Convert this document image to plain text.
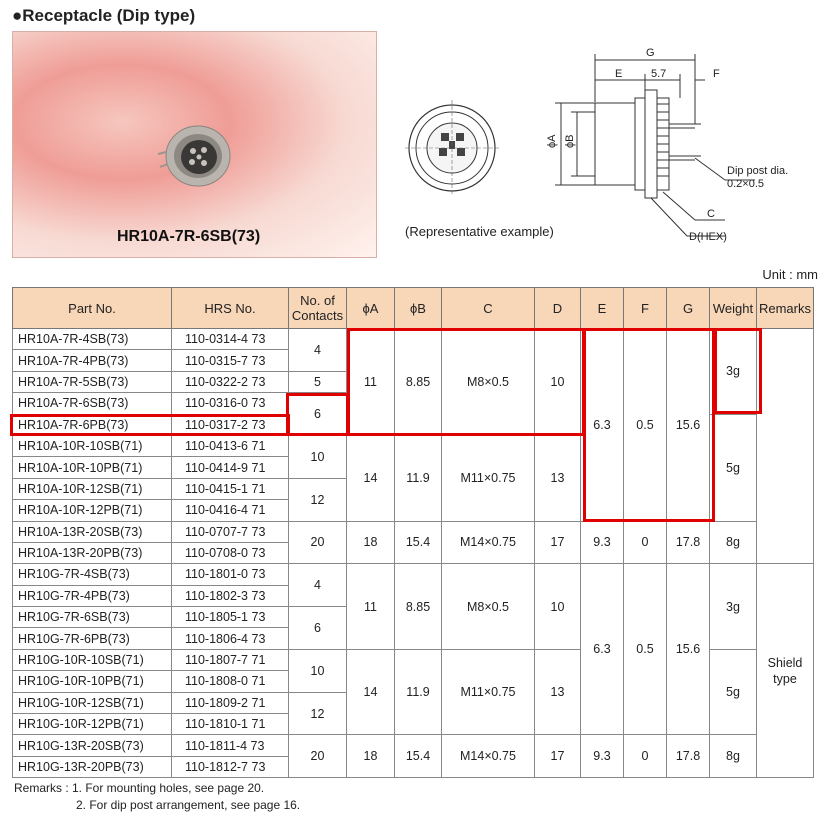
●Receptacle (Dip type)
HR10A-7R-6SB(73)
G
E	5.7	F
ϕA ϕB
Dip post dia.
0.2×0.5
C
D(HEX)
(Representative example)
Unit : mm
Part No.	HRS No.	No. of
Contacts	ϕA	ϕB	C	D	E	F	G	Weight	Remarks
HR10A-7R-4SB(73)	110-0314-4 73	4	11	8.85	M8×0.5	10	6.3	0.5	15.6	3g	
HR10A-7R-4PB(73)	110-0315-7 73										
HR10A-7R-5SB(73)	110-0322-2 73	5									
HR10A-7R-6SB(73)	110-0316-0 73	6									
HR10A-7R-6PB(73)	110-0317-2 73									5g	
HR10A-10R-10SB(71)	110-0413-6 71	10	14	11.9	M11×0.75	13					
HR10A-10R-10PB(71)	110-0414-9 71										
HR10A-10R-12SB(71)	110-0415-1 71	12									
HR10A-10R-12PB(71)	110-0416-4 71										
HR10A-13R-20SB(73)	110-0707-7 73	20	18	15.4	M14×0.75	17	9.3	0	17.8	8g	
HR10A-13R-20PB(73)	110-0708-0 73										
HR10G-7R-4SB(73)	110-1801-0 73	4	11	8.85	M8×0.5	10	6.3	0.5	15.6	3g	Shield type
HR10G-7R-4PB(73)	110-1802-3 73										
HR10G-7R-6SB(73)	110-1805-1 73	6									
HR10G-7R-6PB(73)	110-1806-4 73										
HR10G-10R-10SB(71)	110-1807-7 71	10	14	11.9	M11×0.75	13				5g	
HR10G-10R-10PB(71)	110-1808-0 71										
HR10G-10R-12SB(71)	110-1809-2 71	12									
HR10G-10R-12PB(71)	110-1810-1 71										
HR10G-13R-20SB(73)	110-1811-4 73	20	18	15.4	M14×0.75	17	9.3	0	17.8	8g	
HR10G-13R-20PB(73)	110-1812-7 73										
Remarks : 1. For mounting holes, see page 20.
2. For dip post arrangement, see page 16.
